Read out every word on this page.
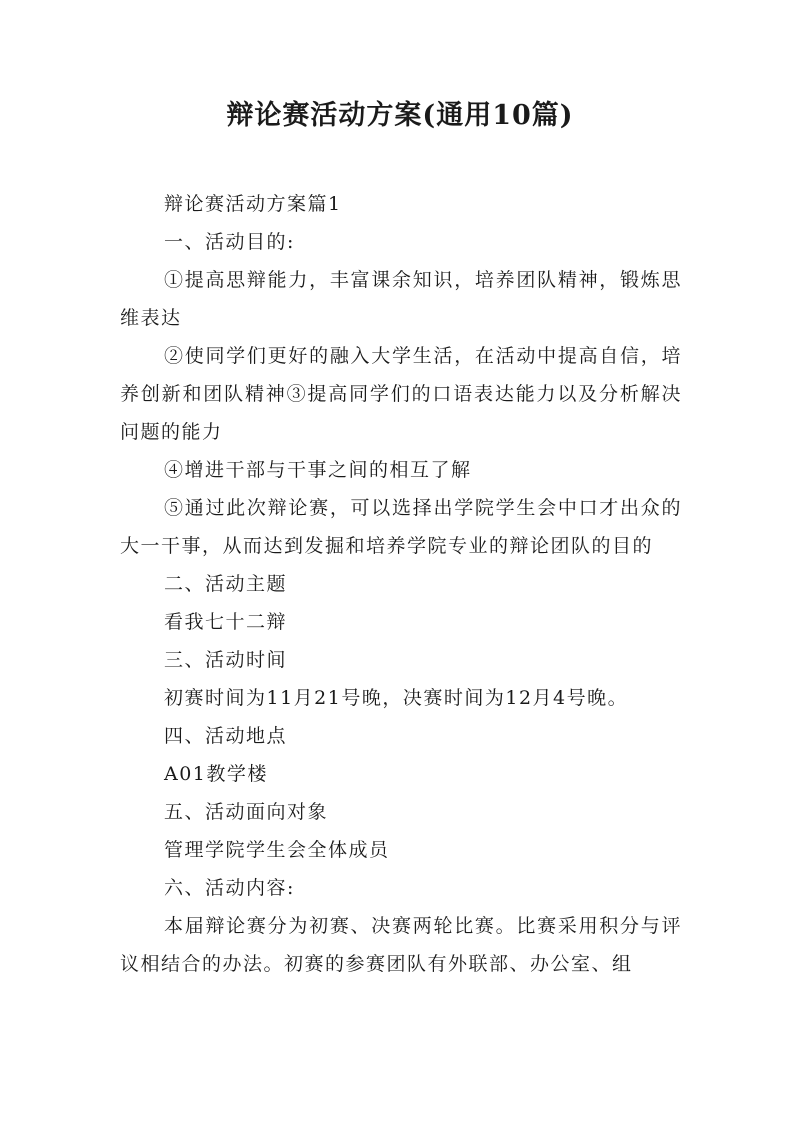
辩论赛活动方案(通用10篇)

辩论赛活动方案篇1

一、活动目的:

①提高思辩能力，丰富课余知识，培养团队精神，锻炼思维表达

②使同学们更好的融入大学生活，在活动中提高自信，培养创新和团队精神③提高同学们的口语表达能力以及分析解决问题的能力

④增进干部与干事之间的相互了解

⑤通过此次辩论赛，可以选择出学院学生会中口才出众的大一干事，从而达到发掘和培养学院专业的辩论团队的目的

二、活动主题

看我七十二辩

三、活动时间

初赛时间为11月21号晚，决赛时间为12月4号晚。

四、活动地点

A01教学楼

五、活动面向对象

管理学院学生会全体成员

六、活动内容:

本届辩论赛分为初赛、决赛两轮比赛。比赛采用积分与评议相结合的办法。初赛的参赛团队有外联部、办公室、组
